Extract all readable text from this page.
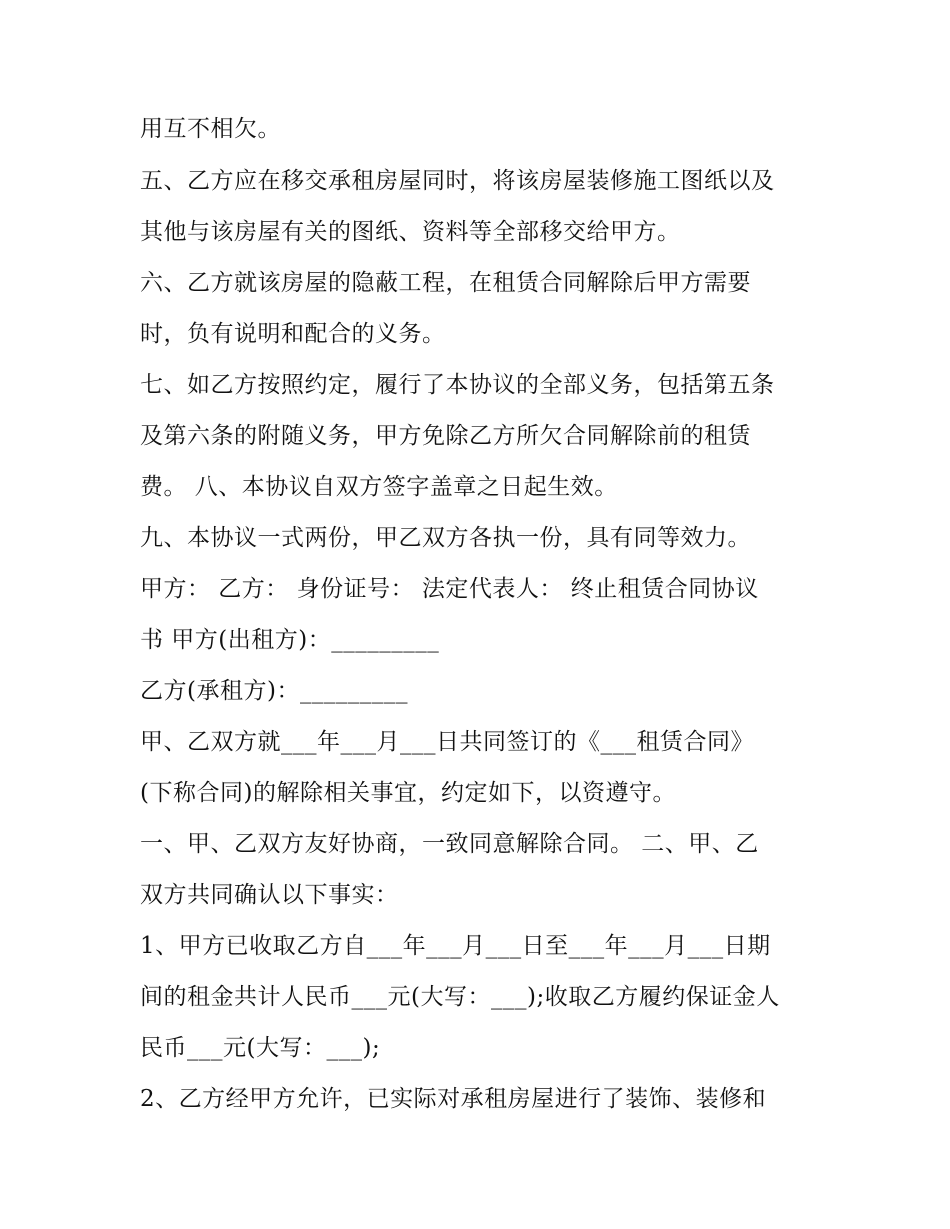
用互不相欠。

五、乙方应在移交承租房屋同时，将该房屋装修施工图纸以及

其他与该房屋有关的图纸、资料等全部移交给甲方。

六、乙方就该房屋的隐蔽工程，在租赁合同解除后甲方需要

时，负有说明和配合的义务。

七、如乙方按照约定，履行了本协议的全部义务，包括第五条

及第六条的附随义务，甲方免除乙方所欠合同解除前的租赁

费。 八、本协议自双方签字盖章之日起生效。

九、本协议一式两份，甲乙双方各执一份，具有同等效力。

甲方： 乙方： 身份证号： 法定代表人： 终止租赁合同协议

书 甲方(出租方)：_________

乙方(承租方)：_________

甲、乙双方就___年___月___日共同签订的《___租赁合同》

(下称合同)的解除相关事宜，约定如下，以资遵守。

一、甲、乙双方友好协商，一致同意解除合同。 二、甲、乙

双方共同确认以下事实：

1、甲方已收取乙方自___年___月___日至___年___月___日期

间的租金共计人民币___元(大写：___);收取乙方履约保证金人

民币___元(大写：___);

2、乙方经甲方允许，已实际对承租房屋进行了装饰、装修和
